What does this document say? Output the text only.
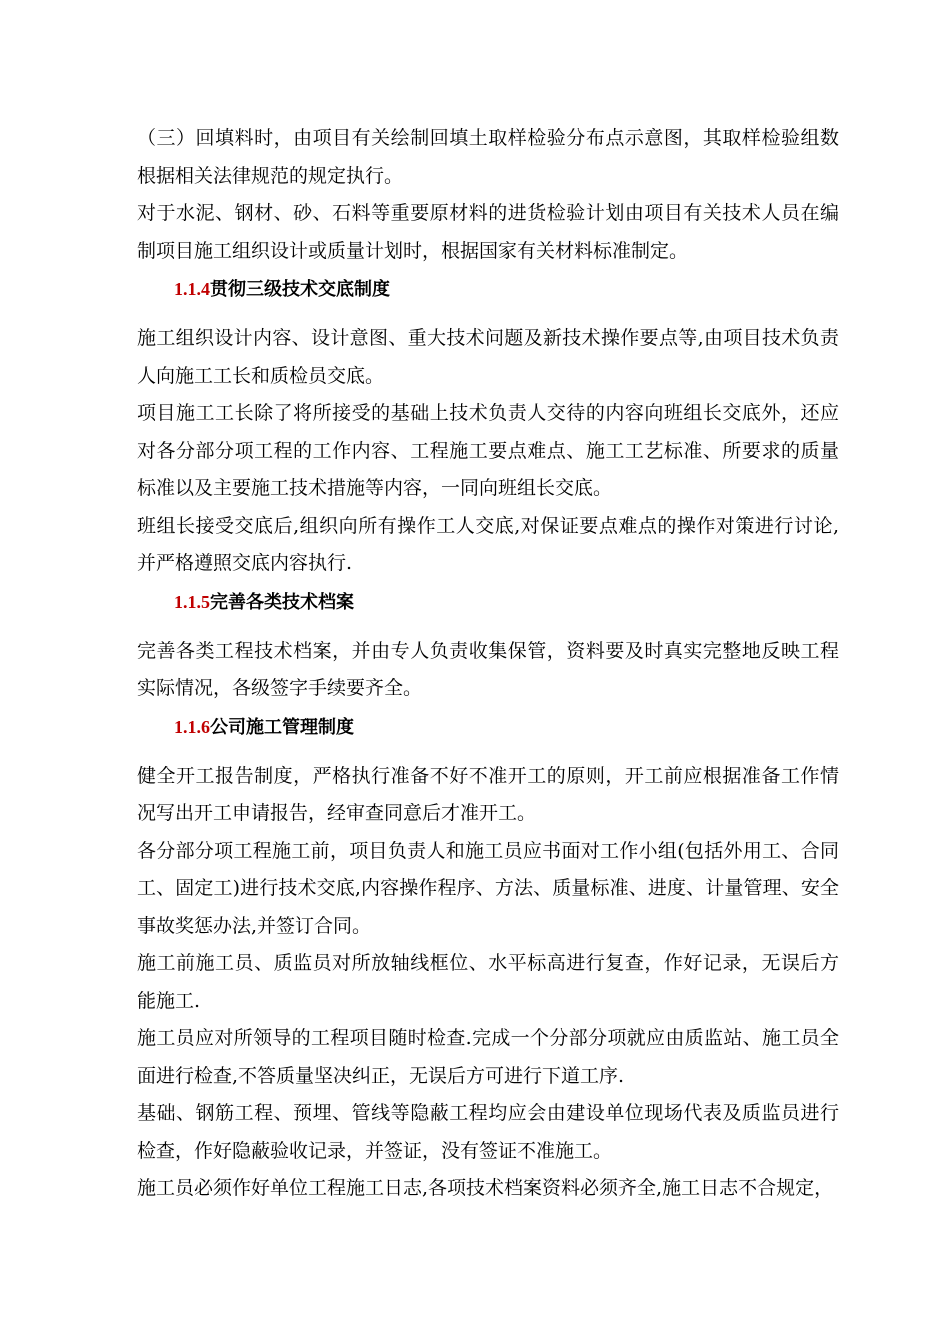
（三）回填料时，由项目有关绘制回填土取样检验分布点示意图，其取样检验组数
根据相关法律规范的规定执行。
对于水泥、钢材、砂、石料等重要原材料的进货检验计划由项目有关技术人员在编
制项目施工组织设计或质量计划时，根据国家有关材料标准制定。
1.1.4贯彻三级技术交底制度
施工组织设计内容、设计意图、重大技术问题及新技术操作要点等,由项目技术负责
人向施工工长和质检员交底。
项目施工工长除了将所接受的基础上技术负责人交待的内容向班组长交底外，还应
对各分部分项工程的工作内容、工程施工要点难点、施工工艺标准、所要求的质量
标准以及主要施工技术措施等内容，一同向班组长交底。
班组长接受交底后,组织向所有操作工人交底,对保证要点难点的操作对策进行讨论,
并严格遵照交底内容执行.
1.1.5完善各类技术档案
完善各类工程技术档案，并由专人负责收集保管，资料要及时真实完整地反映工程
实际情况，各级签字手续要齐全。
1.1.6公司施工管理制度
健全开工报告制度，严格执行准备不好不准开工的原则，开工前应根据准备工作情
况写出开工申请报告，经审查同意后才准开工。
各分部分项工程施工前，项目负责人和施工员应书面对工作小组(包括外用工、合同
工、固定工)进行技术交底,内容操作程序、方法、质量标准、进度、计量管理、安全
事故奖惩办法,并签订合同。
施工前施工员、质监员对所放轴线框位、水平标高进行复查，作好记录，无误后方
能施工.
施工员应对所领导的工程项目随时检查.完成一个分部分项就应由质监站、施工员全
面进行检查,不答质量坚决纠正，无误后方可进行下道工序.
基础、钢筋工程、预埋、管线等隐蔽工程均应会由建设单位现场代表及质监员进行
检查，作好隐蔽验收记录，并签证，没有签证不准施工。
施工员必须作好单位工程施工日志,各项技术档案资料必须齐全,施工日志不合规定，
